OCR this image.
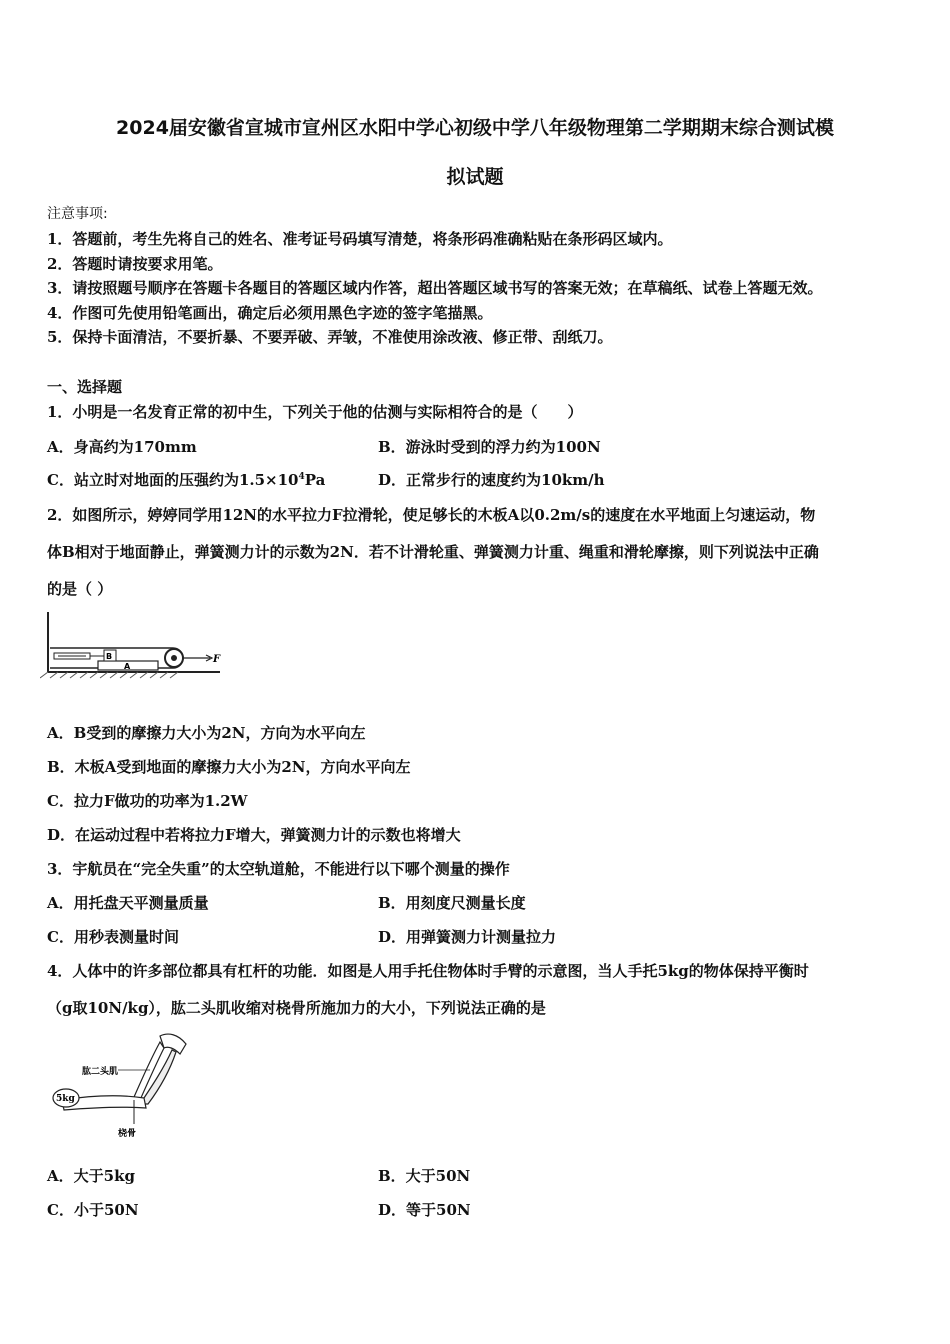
2024届安徽省宣城市宣州区水阳中学心初级中学八年级物理第二学期期末综合测试模
拟试题
注意事项:
1．答题前，考生先将自己的姓名、准考证号码填写清楚，将条形码准确粘贴在条形码区域内。
2．答题时请按要求用笔。
3．请按照题号顺序在答题卡各题目的答题区域内作答，超出答题区域书写的答案无效；在草稿纸、试卷上答题无效。
4．作图可先使用铅笔画出，确定后必须用黑色字迹的签字笔描黑。
5．保持卡面清洁，不要折暴、不要弄破、弄皱，不准使用涂改液、修正带、刮纸刀。
一、选择题
1．小明是一名发育正常的初中生，下列关于他的估测与实际相符合的是（　　）
A．身高约为170mm	B．游泳时受到的浮力约为100N
C．站立时对地面的压强约为$1.5\times 10^4Pa$	D．正常步行的速度约为10km/h
2．如图所示，婷婷同学用12N的水平拉力F拉滑轮，使足够长的木板A以0.2m/s的速度在水平地面上匀速运动，物
体B相对于地面静止，弹簧测力计的示数为2N．若不计滑轮重、弹簧测力计重、绳重和滑轮摩擦，则下列说法中正确
的是（ ）
A
B	F
A．B受到的摩擦力大小为2N，方向为水平向左
B．木板A受到地面的摩擦力大小为2N，方向水平向左
C．拉力F做功的功率为1.2W
D．在运动过程中若将拉力F增大，弹簧测力计的示数也将增大
3．宇航员在“完全失重”的太空轨道舱，不能进行以下哪个测量的操作
A．用托盘天平测量质量	B．用刻度尺测量长度
C．用秒表测量时间	D．用弹簧测力计测量拉力
4．人体中的许多部位都具有杠杆的功能．如图是人用手托住物体时手臂的示意图，当人手托5kg的物体保持平衡时
（g取10N/kg），肱二头肌收缩对桡骨所施加力的大小，下列说法正确的是
肱二头肌
5kg
桡骨
A．大于5kg	B．大于50N
C．小于50N	D．等于50N
